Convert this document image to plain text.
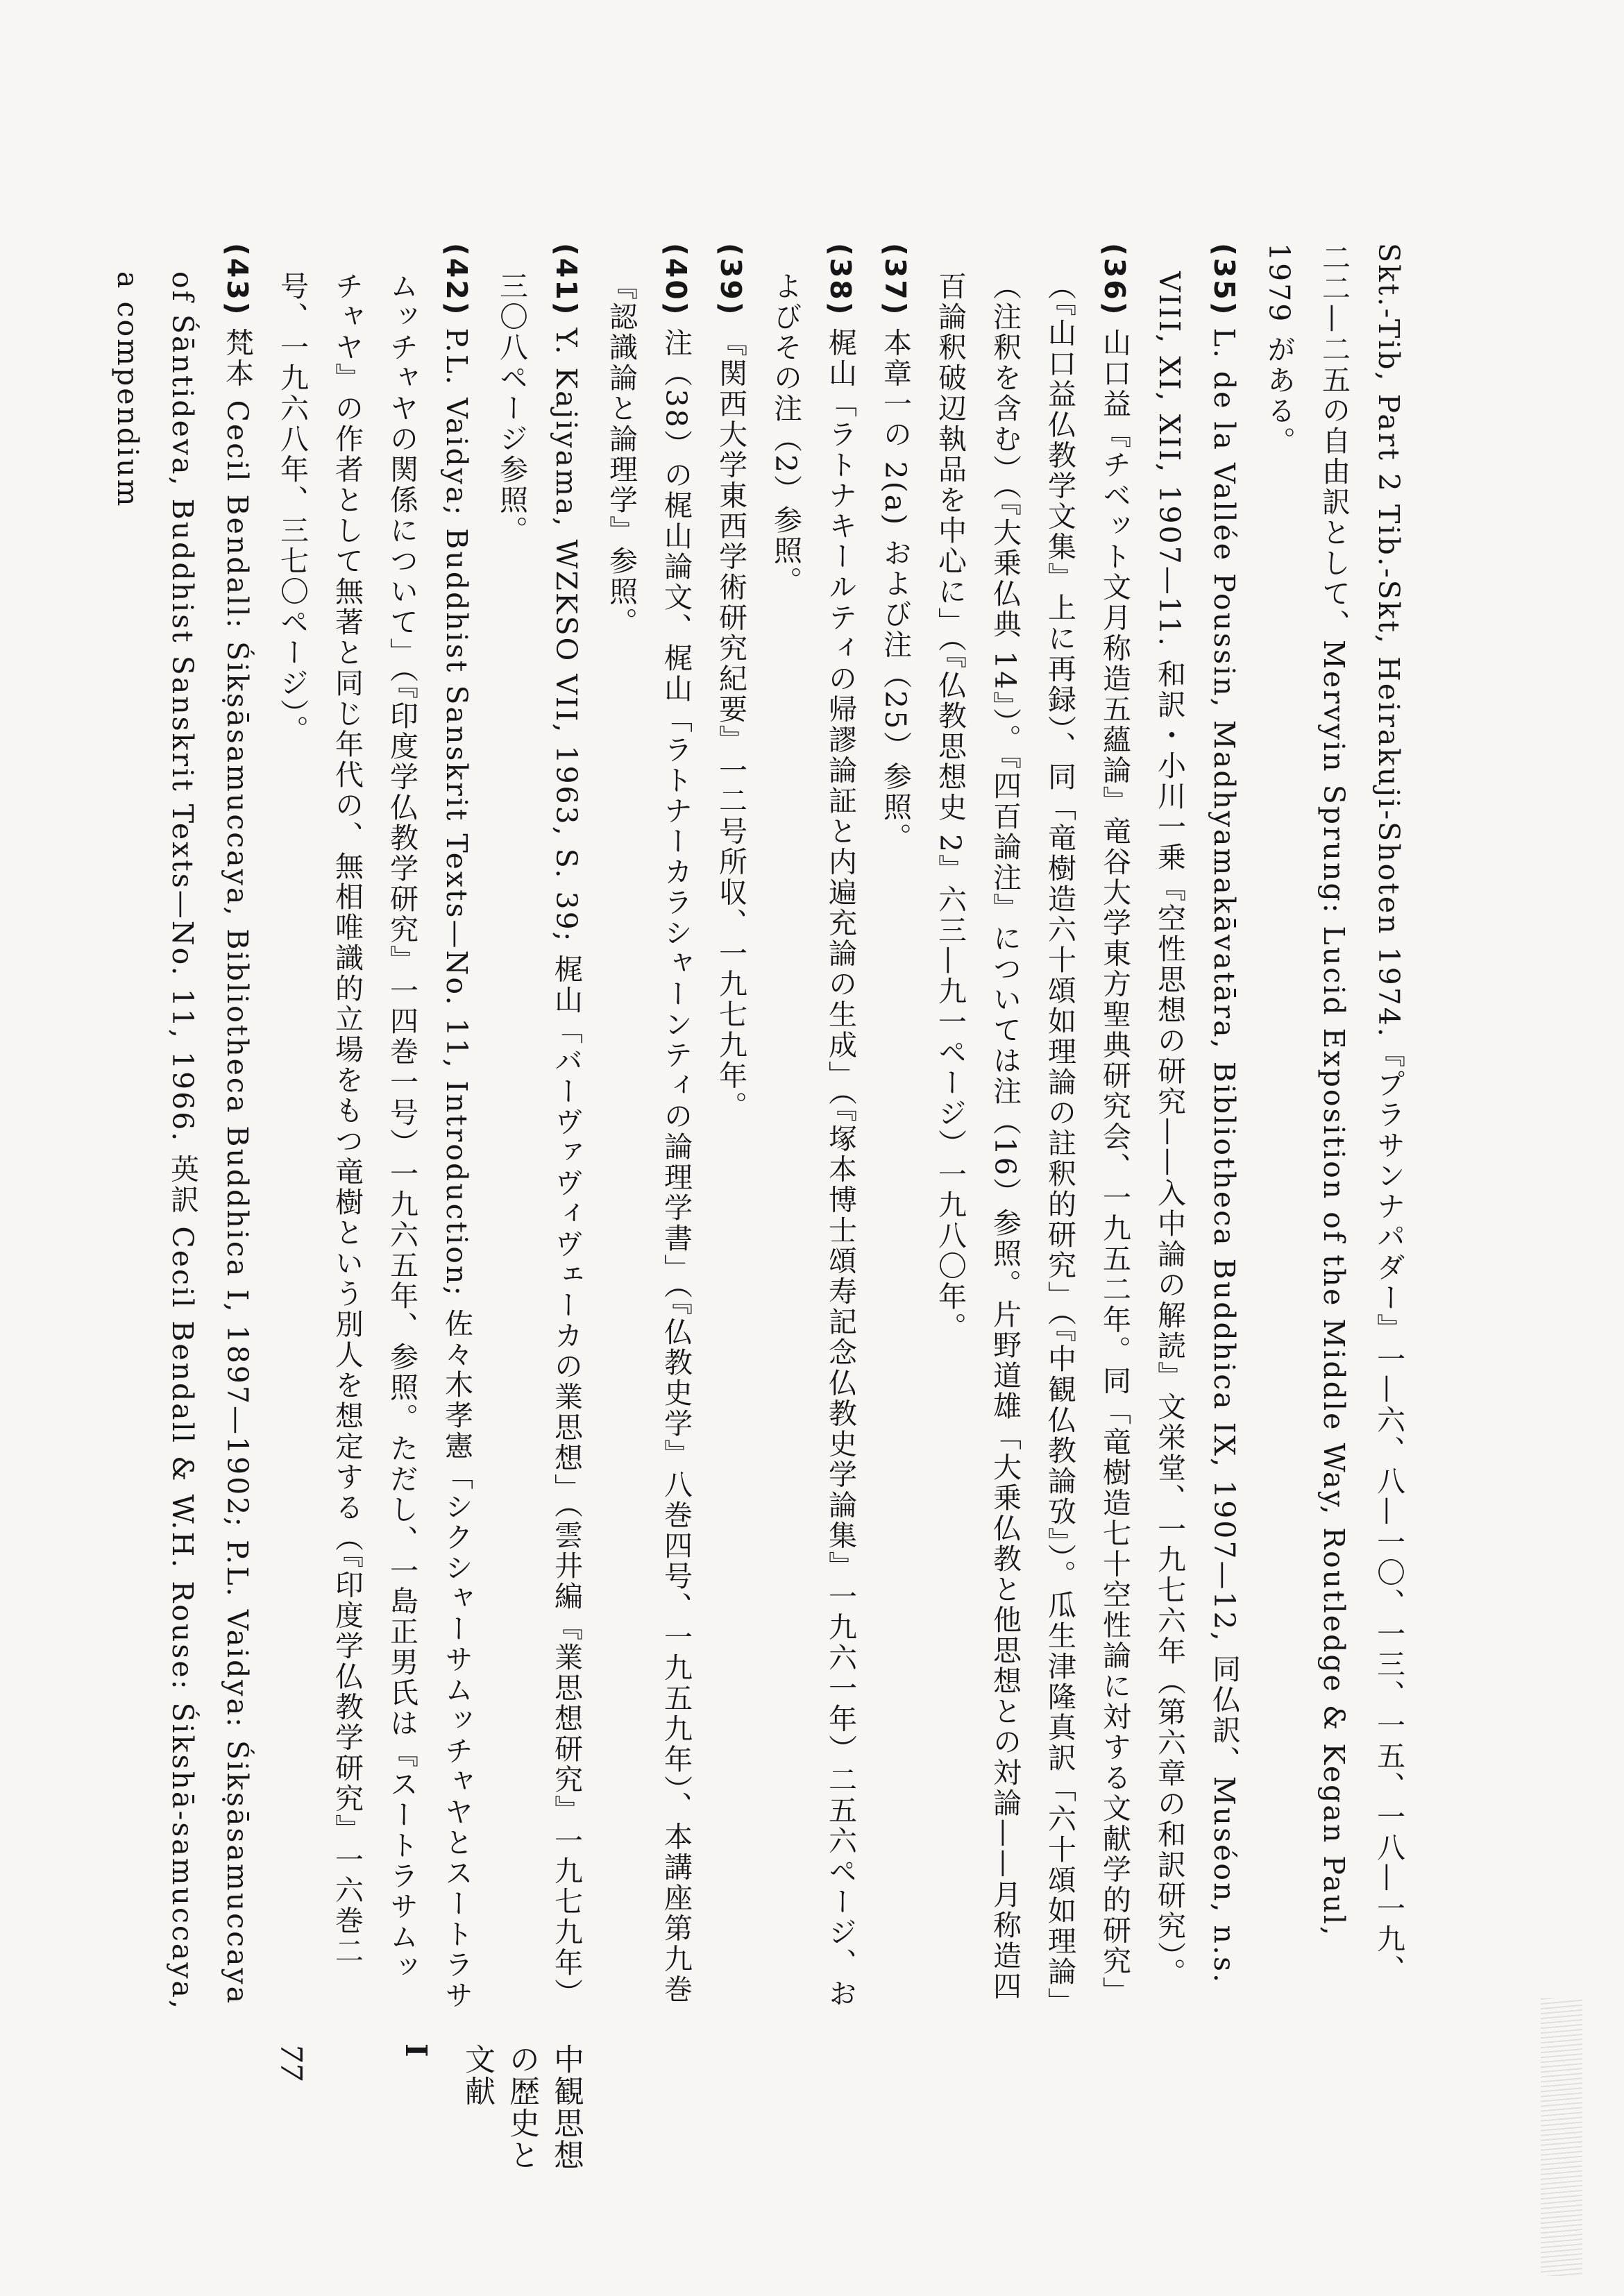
Skt.-Tib, Part 2 Tib.-Skt, Heirakuji-Shoten 1974.『プラサンナパダー』一—六、八—一〇、一三、一五、一八—一九、二二—二五の自由訳として、Mervyin Sprung: Lucid Exposition of the Middle Way, Routledge & Kegan Paul, 1979 がある。

(35) L. de la Vallée Poussin, Madhyamakāvatāra, Bibliotheca Buddhica IX, 1907—12, 同仏訳、Muséon, n.s. VIII, XI, XII, 1907—11. 和訳・小川一乗『空性思想の研究——入中論の解読』文栄堂、一九七六年（第六章の和訳研究）。

(36) 山口益『チベット文月称造五蘊論』竜谷大学東方聖典研究会、一九五二年。同「竜樹造七十空性論に対する文献学的研究」（『山口益仏教学文集』上に再録）、同「竜樹造六十頌如理論の註釈的研究」（『中観仏教論攷』）。瓜生津隆真訳「六十頌如理論」（注釈を含む）（『大乗仏典 14』）。『四百論注』については注（16）参照。片野道雄「大乗仏教と他思想との対論——月称造四百論釈破辺執品を中心に」（『仏教思想史 2』六三—九一ページ）一九八〇年。

(37) 本章一の 2(a) および注（25）参照。

(38) 梶山「ラトナキールティの帰謬論証と内遍充論の生成」（『塚本博士頌寿記念仏教史学論集』一九六一年）二五六ページ、およびその注（2）参照。

(39) 『関西大学東西学術研究紀要』一二号所収、一九七九年。

(40) 注（38）の梶山論文、梶山「ラトナーカラシャーンティの論理学書」（『仏教史学』八巻四号、一九五九年）、本講座第九巻『認識論と論理学』参照。

(41) Y. Kajiyama, WZKSO VII, 1963, S. 39; 梶山「バーヴァヴィヴェーカの業思想」（雲井編『業思想研究』一九七九年）三〇八ページ参照。

(42) P.L. Vaidya; Buddhist Sanskrit Texts—No. 11, Introduction; 佐々木孝憲「シクシャーサムッチャヤとスートラサムッチャヤの関係について」（『印度学仏教学研究』一四巻一号）一九六五年、参照。ただし、一島正男氏は『スートラサムッチャヤ』の作者として無著と同じ年代の、無相唯識的立場をもつ竜樹という別人を想定する（『印度学仏教学研究』一六巻二号、一九六八年、三七〇ページ）。

(43) 梵本 Cecil Bendall: Śikṣāsamuccaya, Bibliotheca Buddhica I, 1897—1902; P.L. Vaidya: Śikṣāsamuccaya of Śāntideva, Buddhist Sanskrit Texts—No. 11, 1966. 英訳 Cecil Bendall & W.H. Rouse: Śikshā-samuccaya, a compendium

77	I	中観思想の歴史と文献
